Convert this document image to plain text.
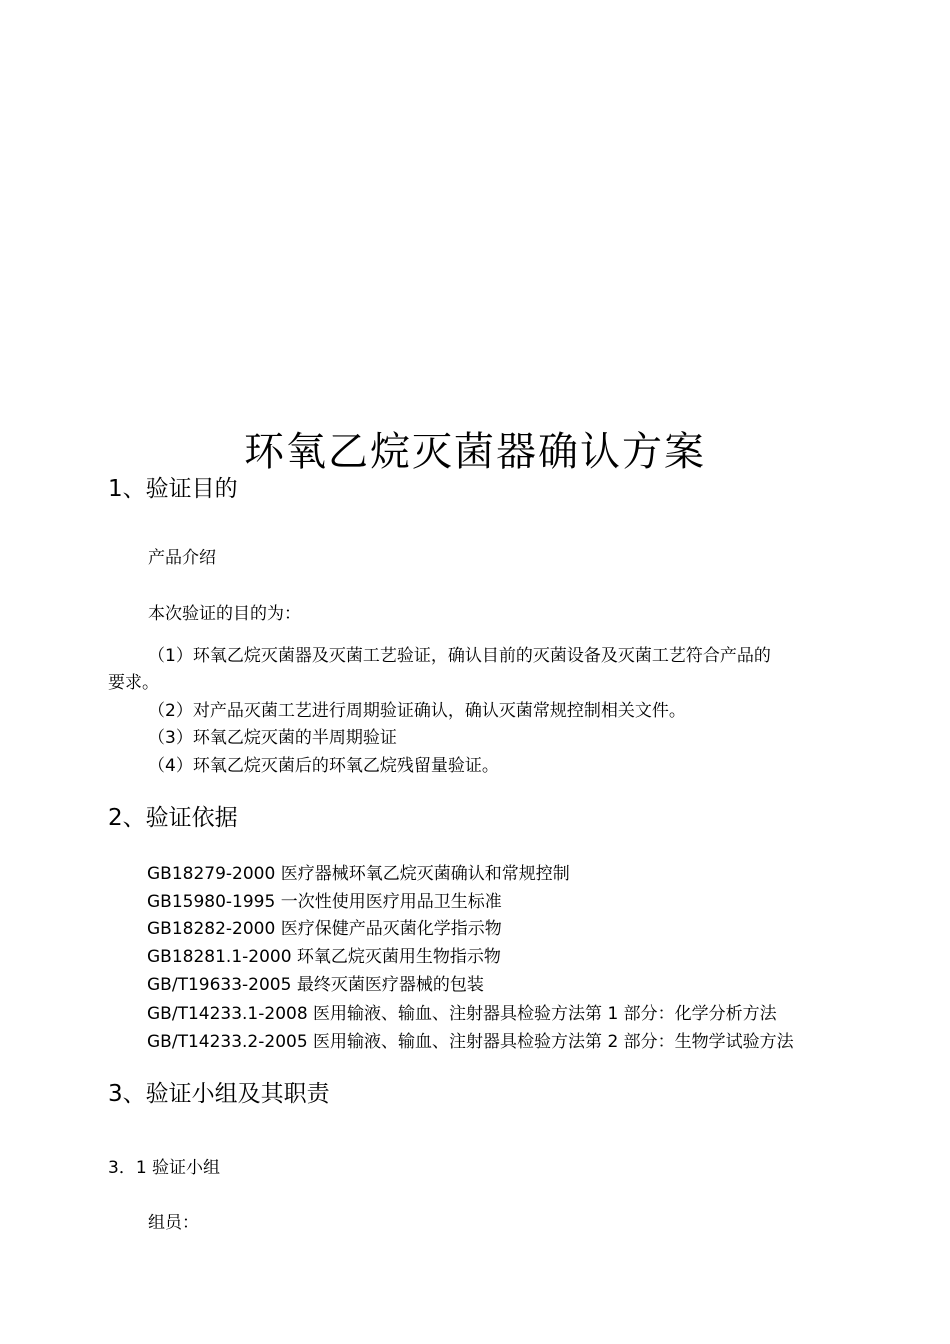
环氧乙烷灭菌器确认方案
1、验证目的
产品介绍
本次验证的目的为：
（1）环氧乙烷灭菌器及灭菌工艺验证，确认目前的灭菌设备及灭菌工艺符合产品的
要求。
（2）对产品灭菌工艺进行周期验证确认，确认灭菌常规控制相关文件。
（3）环氧乙烷灭菌的半周期验证
（4）环氧乙烷灭菌后的环氧乙烷残留量验证。
2、验证依据
GB18279-2000 医疗器械环氧乙烷灭菌确认和常规控制
GB15980-1995 一次性使用医疗用品卫生标准
GB18282-2000 医疗保健产品灭菌化学指示物
GB18281.1-2000 环氧乙烷灭菌用生物指示物
GB/T19633-2005 最终灭菌医疗器械的包装
GB/T14233.1-2008 医用输液、输血、注射器具检验方法第 1 部分：化学分析方法
GB/T14233.2-2005 医用输液、输血、注射器具检验方法第 2 部分：生物学试验方法
3、验证小组及其职责
3．1 验证小组
组员：
